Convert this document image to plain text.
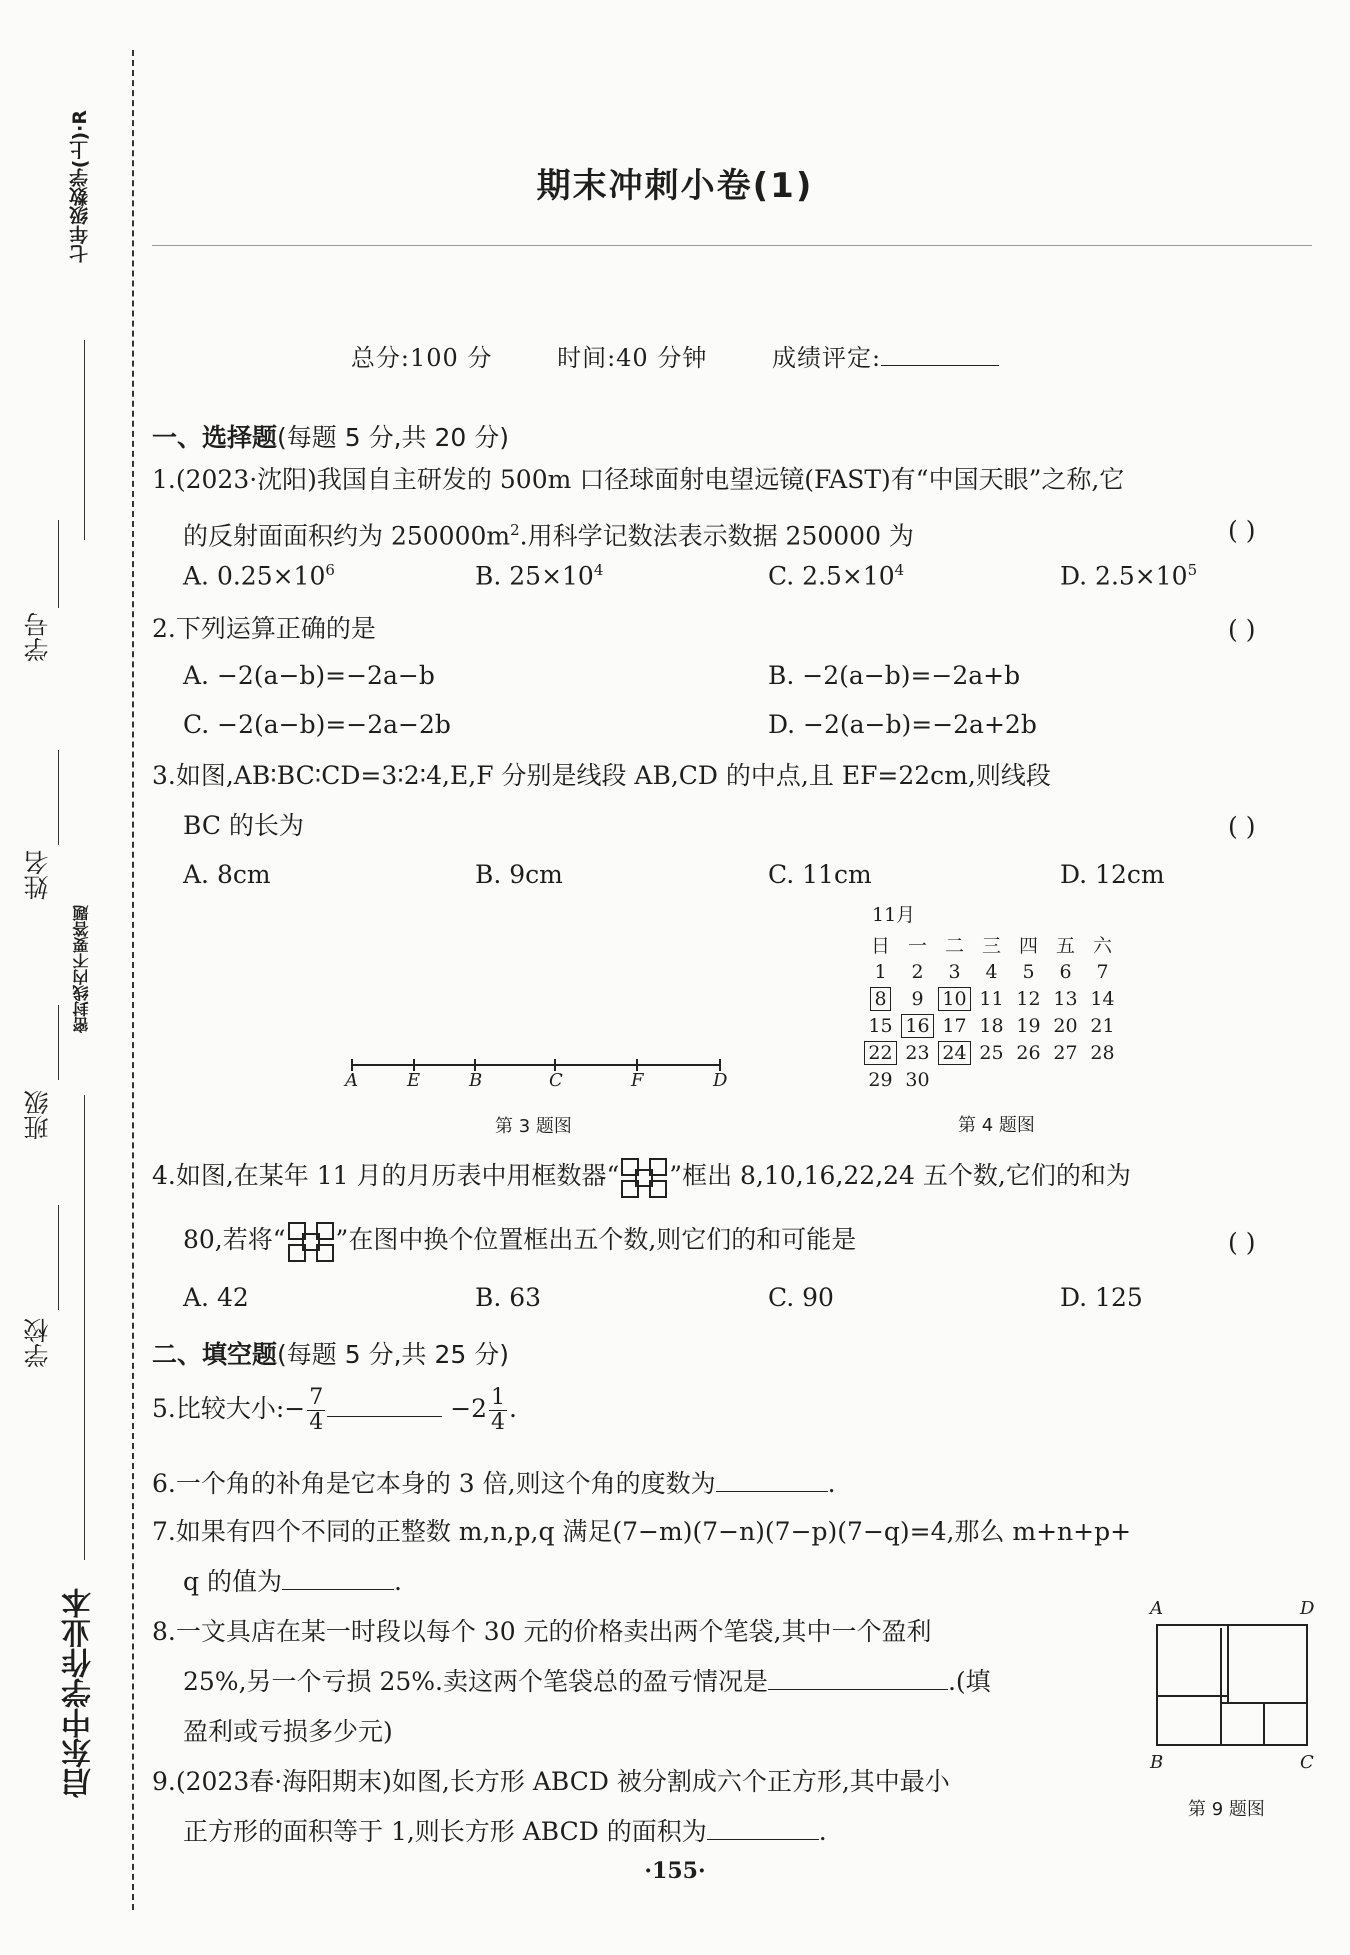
七年级数学(上)·R
学号
姓名
密封线内不要答题
班级
学校
启东中学作业本
期末冲刺小卷(1)
总分:100 分	时间:40 分钟	成绩评定:
一、选择题(每题 5 分,共 20 分)
1.(2023·沈阳)我国自主研发的 500m 口径球面射电望远镜(FAST)有“中国天眼”之称,它
的反射面面积约为 $250000m^2$.用科学记数法表示数据 250000 为	( )
A. $0.25\times 10^6$	B. $25\times 10^4$	C. $2.5\times 10^4$	D. $2.5\times 10^5$
2.下列运算正确的是	( )
A. −2(a−b)=−2a−b	B. −2(a−b)=−2a+b
C. −2(a−b)=−2a−2b	D. −2(a−b)=−2a+2b
3.如图,AB∶BC∶CD=3∶2∶4,E,F 分别是线段 AB,CD 的中点,且 EF=22cm,则线段
BC 的长为	( )
A. 8cm	B. 9cm	C. 11cm	D. 12cm
A	E	B	C	F	D
第 3 题图
11月
日	一	二	三	四	五	六
1	2	3	4	5	6	7
8	9	10	11	12	13	14
15	16	17	18	19	20	21
22	23	24	25	26	27	28
29	30					
第 4 题图
4.如图,在某年 11 月的月历表中用框数器“ ”框出 8,10,16,22,24 五个数,它们的和为
80,若将“ ”在图中换个位置框出五个数,则它们的和可能是	( )
A. 42	B. 63	C. 90	D. 125
二、填空题(每题 5 分,共 25 分)
5.比较大小:− $\frac{7}{4}$	$-2 \frac{1}{4}$ .
6.一个角的补角是它本身的 3 倍,则这个角的度数为	.
7.如果有四个不同的正整数 m,n,p,q 满足(7−m)(7−n)(7−p)(7−q)=4,那么 m+n+p+
q 的值为	.
8.一文具店在某一时段以每个 30 元的价格卖出两个笔袋,其中一个盈利
25%,另一个亏损 25%.卖这两个笔袋总的盈亏情况是	.(填
盈利或亏损多少元)
9.(2023春·海阳期末)如图,长方形 ABCD 被分割成六个正方形,其中最小
正方形的面积等于 1,则长方形 ABCD 的面积为	.
A	D
B	C
第 9 题图
·155·
